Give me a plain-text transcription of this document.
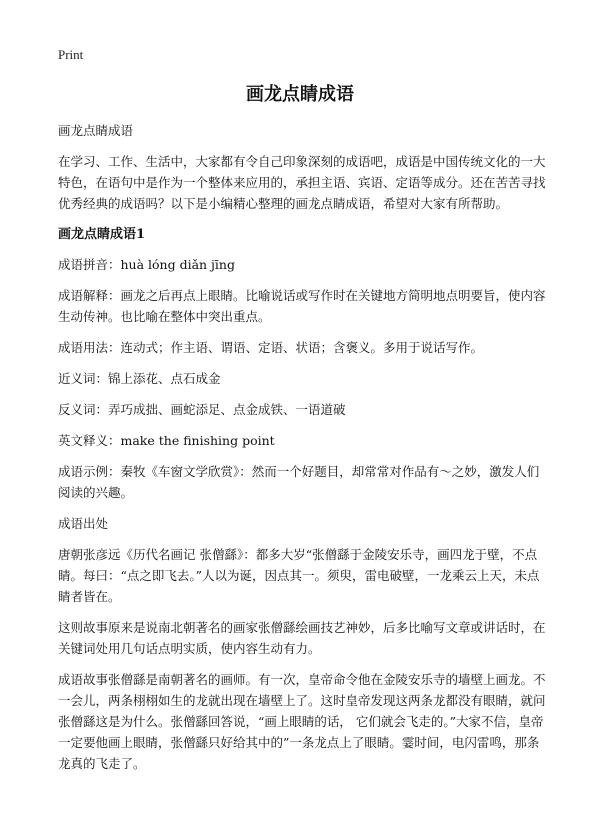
Print
画龙点睛成语

画龙点睛成语

在学习、工作、生活中，大家都有令自己印象深刻的成语吧，成语是中国传统文化的一大特色，在语句中是作为一个整体来应用的，承担主语、宾语、定语等成分。还在苦苦寻找优秀经典的成语吗？以下是小编精心整理的画龙点睛成语，希望对大家有所帮助。

画龙点睛成语1

成语拼音：huà lóng diǎn jīng

成语解释：画龙之后再点上眼睛。比喻说话或写作时在关键地方简明地点明要旨，使内容生动传神。也比喻在整体中突出重点。

成语用法：连动式；作主语、谓语、定语、状语；含褒义。多用于说话写作。

近义词：锦上添花、点石成金

反义词：弄巧成拙、画蛇添足、点金成铁、一语道破

英文释义：make the finishing point

成语示例：秦牧《车窗文学欣赏》：然而一个好题目，却常常对作品有～之妙，激发人们阅读的兴趣。

成语出处

唐朝张彦远《历代名画记 张僧繇》：都多大岁“张僧繇于金陵安乐寺，画四龙于壁，不点睛。每曰：“点之即飞去。”人以为诞，因点其一。须臾，雷电破壁，一龙乘云上天，未点睛者皆在。

这则故事原来是说南北朝著名的画家张僧繇绘画技艺神妙，后多比喻写文章或讲话时，在关键词处用几句话点明实质，使内容生动有力。

成语故事张僧繇是南朝著名的画师。有一次，皇帝命令他在金陵安乐寺的墙壁上画龙。不一会儿，两条栩栩如生的龙就出现在墙壁上了。这时皇帝发现这两条龙都没有眼睛，就问张僧繇这是为什么。张僧繇回答说，“画上眼睛的话， 它们就会飞走的。”大家不信，皇帝一定要他画上眼睛，张僧繇只好给其中的”一条龙点上了眼睛。霎时间，电闪雷鸣，那条龙真的飞走了。
